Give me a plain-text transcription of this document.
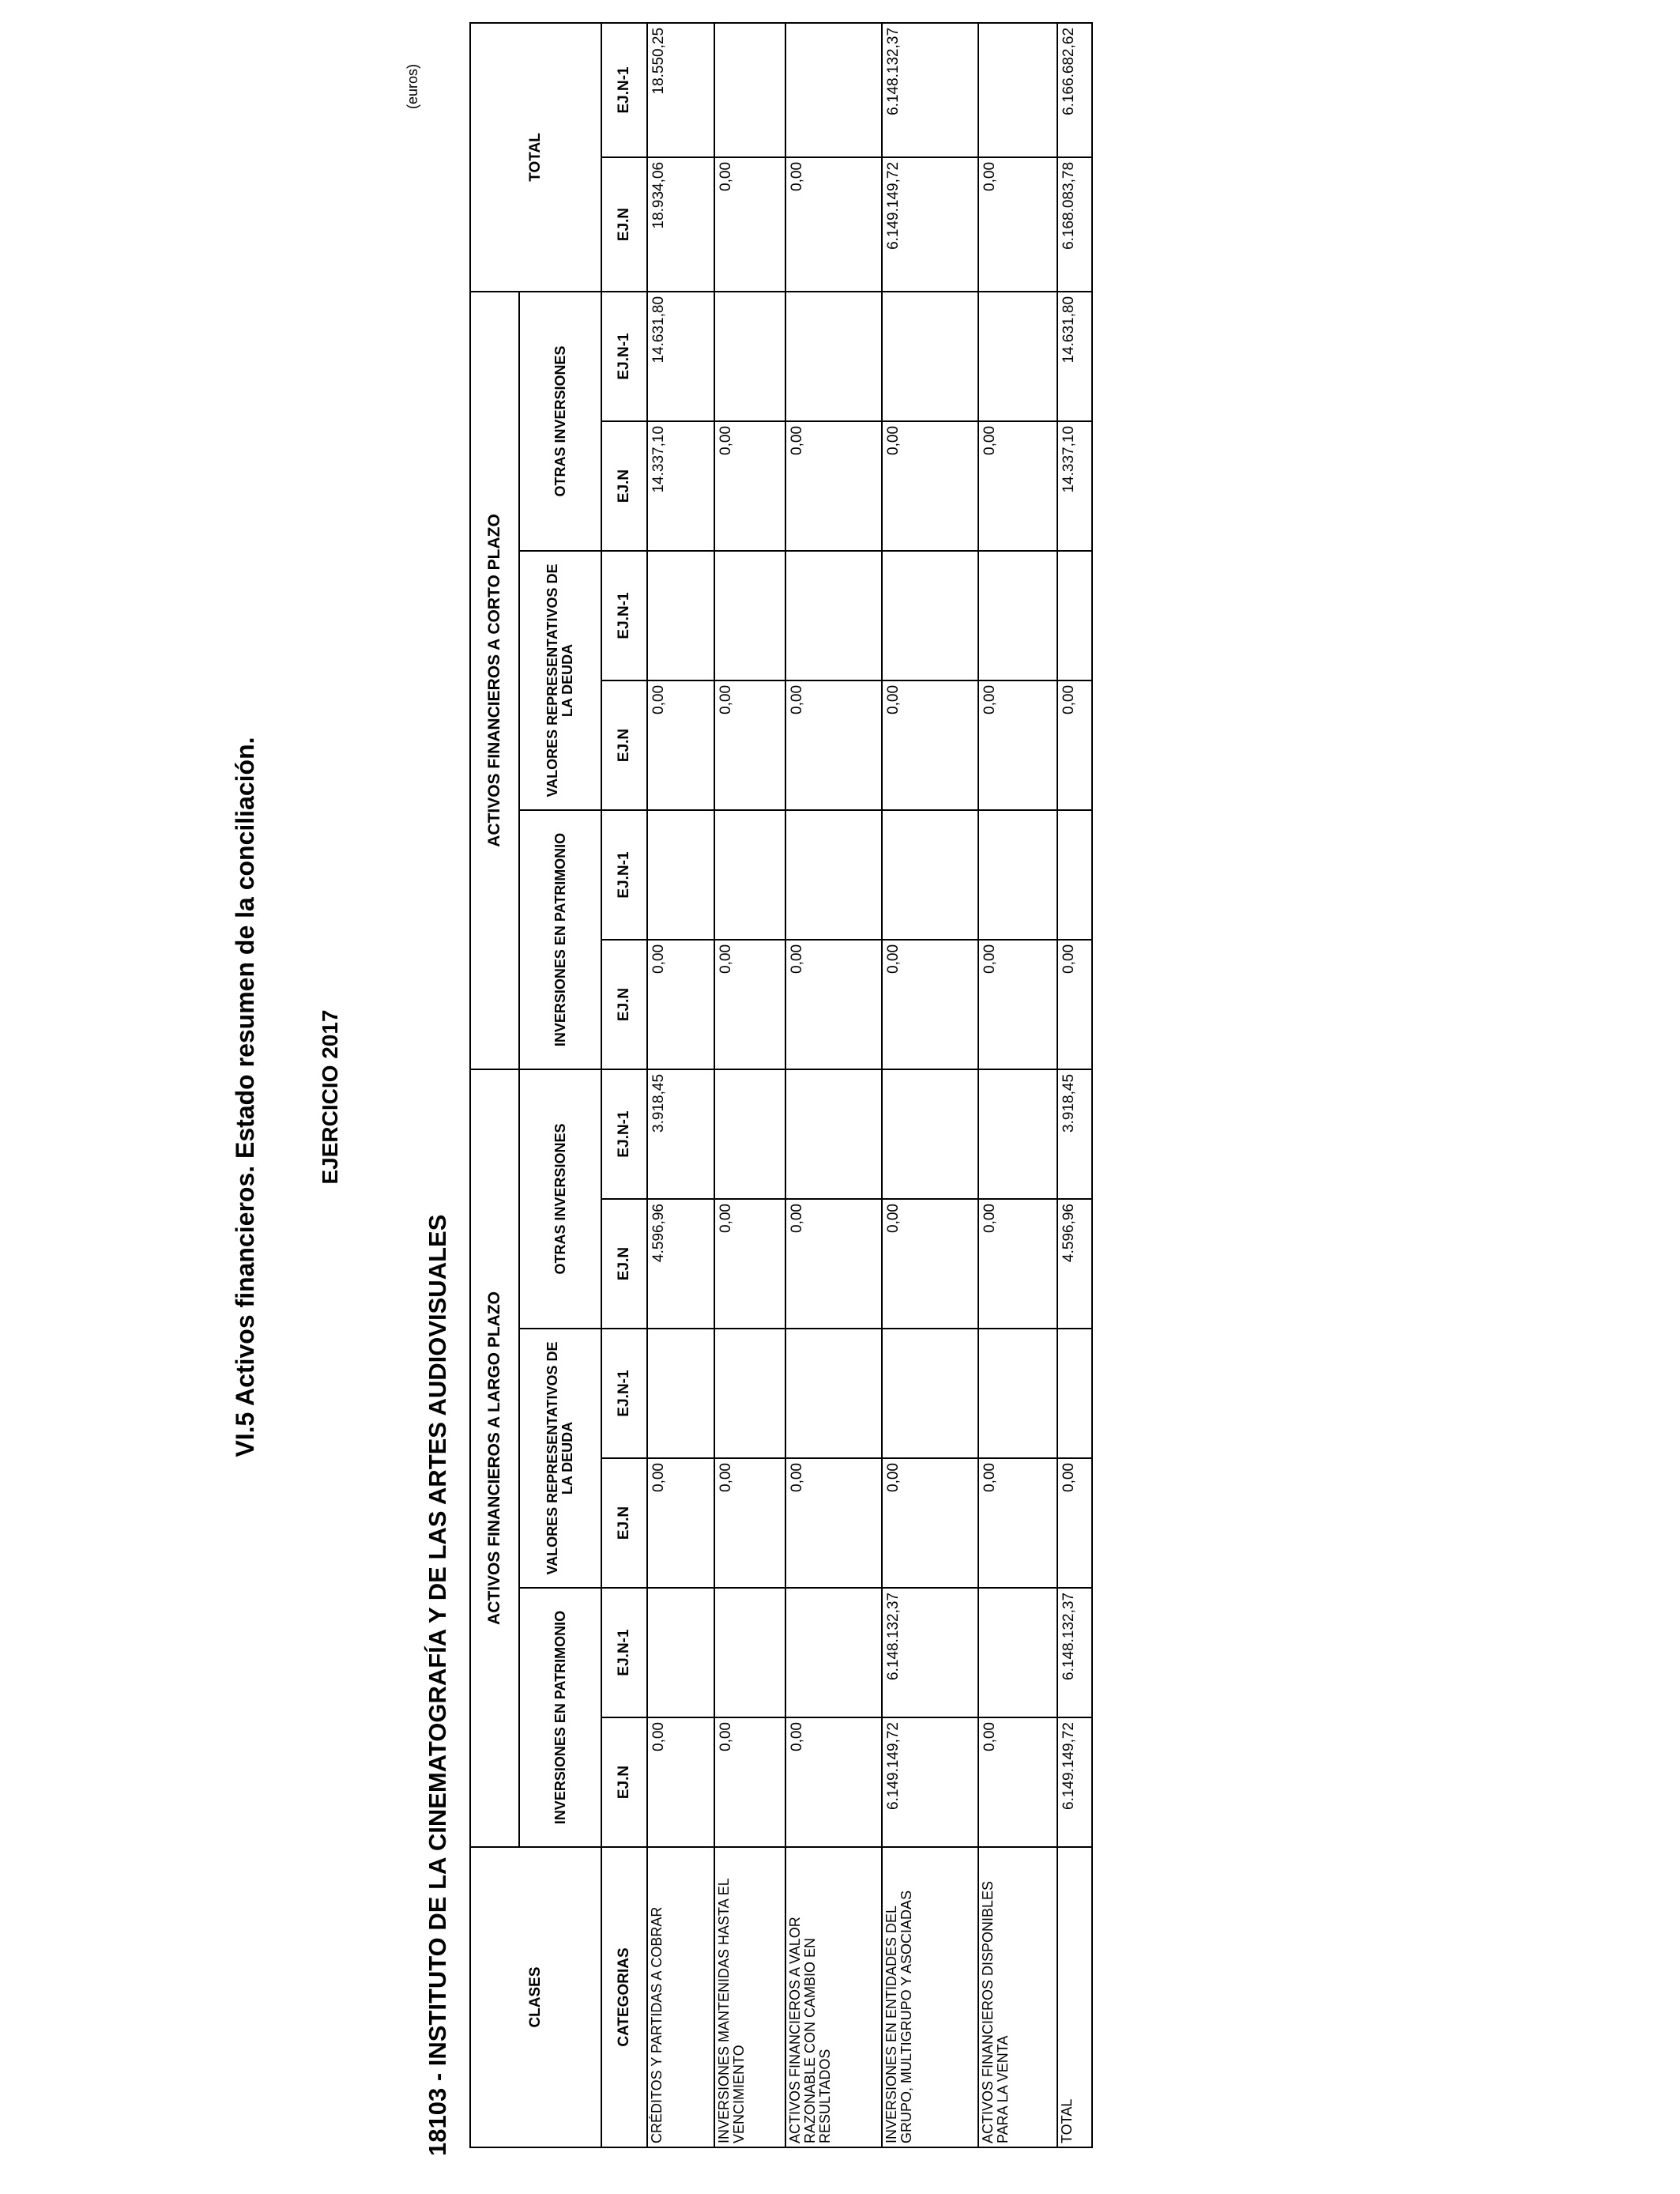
VI.5 Activos financieros. Estado resumen de la conciliación.	EJERCICIO 2017
18103 - INSTITUTO DE LA CINEMATOGRAFÍA Y DE LAS ARTES AUDIOVISUALES
(euros)
CLASES	ACTIVOS FINANCIEROS A LARGO PLAZO						ACTIVOS FINANCIEROS A CORTO PLAZO						TOTAL	
	INVERSIONES EN PATRIMONIO		VALORES REPRESENTATIVOS DE LA DEUDA		OTRAS INVERSIONES		INVERSIONES EN PATRIMONIO		VALORES REPRESENTATIVOS DE LA DEUDA		OTRAS INVERSIONES			
CATEGORIAS	EJ.N	EJ.N-1	EJ.N	EJ.N-1	EJ.N	EJ.N-1	EJ.N	EJ.N-1	EJ.N	EJ.N-1	EJ.N	EJ.N-1	EJ.N	EJ.N-1
CRÉDITOS Y PARTIDAS A COBRAR	0,00		0,00		4.596,96	3.918,45	0,00		0,00		14.337,10	14.631,80	18.934,06	18.550,25
INVERSIONES MANTENIDAS HASTA EL VENCIMIENTO	0,00		0,00		0,00		0,00		0,00		0,00		0,00	
ACTIVOS FINANCIEROS A VALOR RAZONABLE CON CAMBIO EN RESULTADOS	0,00		0,00		0,00		0,00		0,00		0,00		0,00	
INVERSIONES EN ENTIDADES DEL GRUPO, MULTIGRUPO Y ASOCIADAS	6.149.149,72	6.148.132,37	0,00		0,00		0,00		0,00		0,00		6.149.149,72	6.148.132,37
ACTIVOS FINANCIEROS DISPONIBLES PARA LA VENTA	0,00		0,00		0,00		0,00		0,00		0,00		0,00	
TOTAL	6.149.149,72	6.148.132,37	0,00		4.596,96	3.918,45	0,00		0,00		14.337,10	14.631,80	6.168.083,78	6.166.682,62
